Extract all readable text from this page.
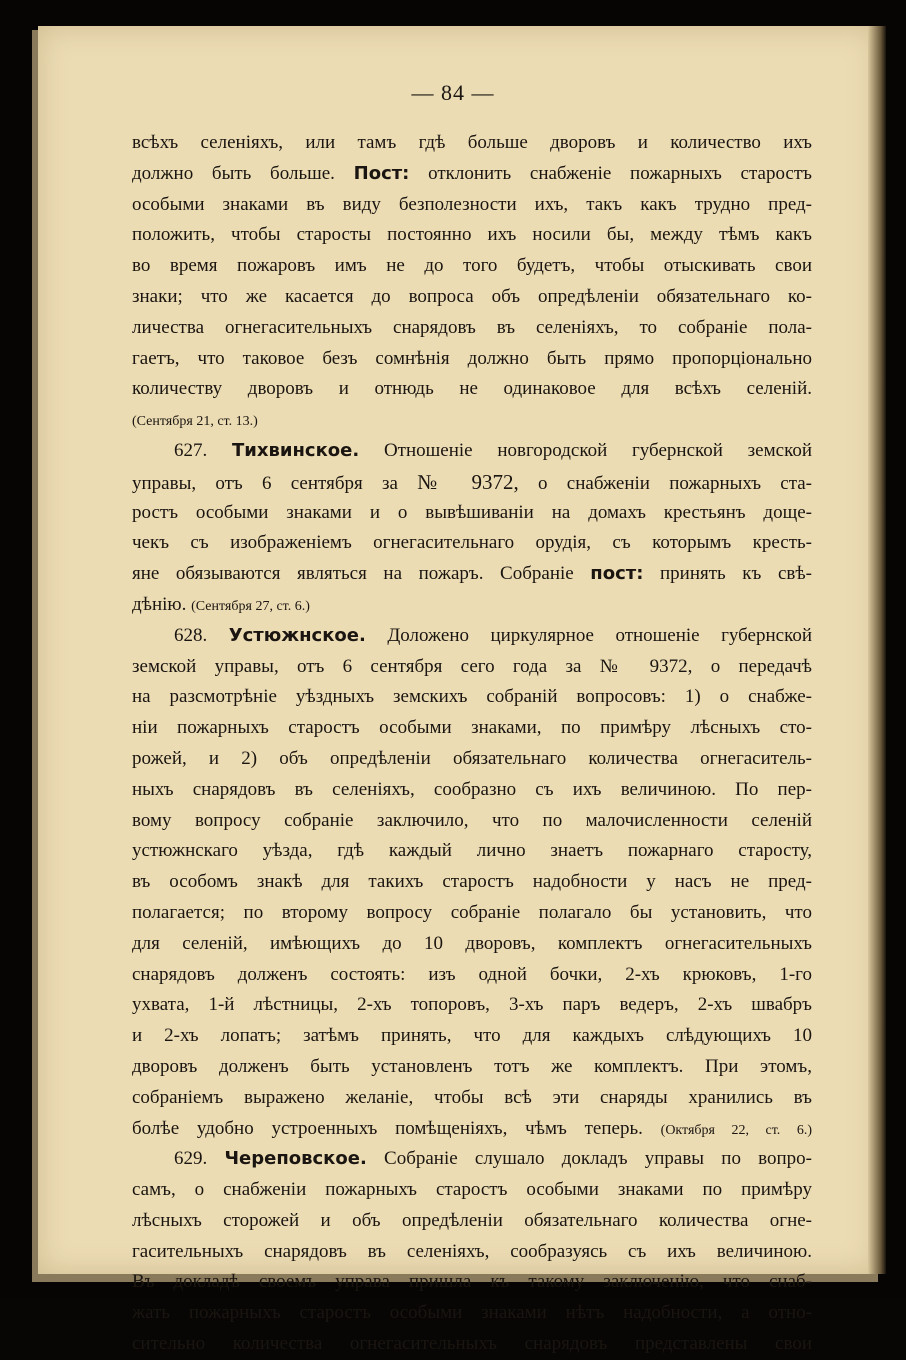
— 84 —
всѣхъ селеніяхъ, или тамъ гдѣ больше дворовъ и количество ихъ
должно быть больше. Пост: отклонить снабженіе пожарныхъ старостъ
особыми знаками въ виду безполезности ихъ, такъ какъ трудно пред-
положить, чтобы старосты постоянно ихъ носили бы, между тѣмъ какъ
во время пожаровъ имъ не до того будетъ, чтобы отыскивать свои
знаки; что же касается до вопроса объ опредѣленіи обязательнаго ко-
личества огнегасительныхъ снарядовъ въ селеніяхъ, то собраніе пола-
гаетъ, что таковое безъ сомнѣнія должно быть прямо пропорціонально
количеству дворовъ и отнюдь не одинаковое для всѣхъ селеній.
(Сентября 21, ст. 13.)
627. Тихвинское. Отношеніе новгородской губернской земской
управы, отъ 6 сентября за № 9372, о снабженіи пожарныхъ ста-
ростъ особыми знаками и о вывѣшиваніи на домахъ крестьянъ доще-
чекъ съ изображеніемъ огнегасительнаго орудія, съ которымъ кресть-
яне обязываются являться на пожаръ. Собраніе пост: принять къ свѣ-
дѣнію. (Сентября 27, ст. 6.)
628. Устюжнское. Доложено циркулярное отношеніе губернской
земской управы, отъ 6 сентября сего года за № 9372, о передачѣ
на разсмотрѣніе уѣздныхъ земскихъ собраній вопросовъ: 1) о снабже-
ніи пожарныхъ старостъ особыми знаками, по примѣру лѣсныхъ сто-
рожей, и 2) объ опредѣленіи обязательнаго количества огнегаситель-
ныхъ снарядовъ въ селеніяхъ, сообразно съ ихъ величиною. По пер-
вому вопросу собраніе заключило, что по малочисленности селеній
устюжнскаго уѣзда, гдѣ каждый лично знаетъ пожарнаго старосту,
въ особомъ знакѣ для такихъ старостъ надобности у насъ не пред-
полагается; по второму вопросу собраніе полагало бы установить, что
для селеній, имѣющихъ до 10 дворовъ, комплектъ огнегасительныхъ
снарядовъ долженъ состоять: изъ одной бочки, 2-хъ крюковъ, 1-го
ухвата, 1-й лѣстницы, 2-хъ топоровъ, 3-хъ паръ ведеръ, 2-хъ швабръ
и 2-хъ лопатъ; затѣмъ принять, что для каждыхъ слѣдующихъ 10
дворовъ долженъ быть установленъ тотъ же комплектъ. При этомъ,
собраніемъ выражено желаніе, чтобы всѣ эти снаряды хранились въ
болѣе удобно устроенныхъ помѣщеніяхъ, чѣмъ теперь. (Октября 22, ст. 6.)
629. Череповское. Собраніе слушало докладъ управы по вопро-
самъ, о снабженіи пожарныхъ старостъ особыми знаками по примѣру
лѣсныхъ сторожей и объ опредѣленіи обязательнаго количества огне-
гасительныхъ снарядовъ въ селеніяхъ, сообразуясь съ ихъ величиною.
Въ докладѣ своемъ управа пришла къ такому заключенію, что снаб-
жать пожарныхъ старостъ особыми знаками нѣтъ надобности, а отно-
сительно количества огнегасительныхъ снарядовъ представлены свои
